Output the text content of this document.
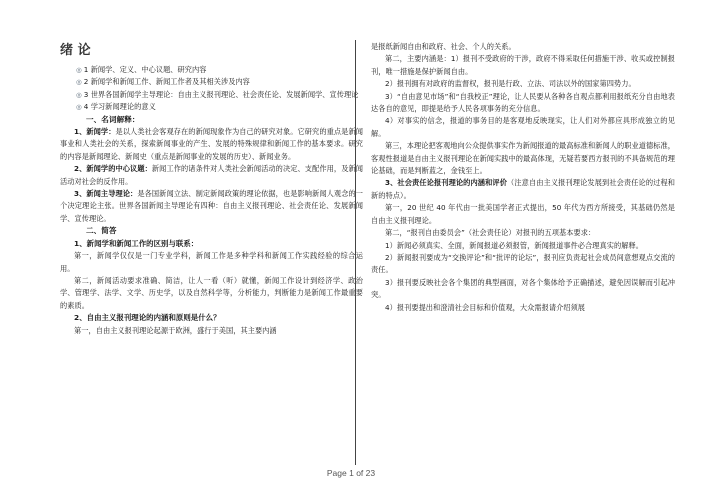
绪 论

◎ 1 新闻学、定义、中心议题、研究内容

◎ 2 新闻学和新闻工作、新闻工作者及其相关涉及内容

◎ 3 世界各国新闻学主导理论：自由主义报刊理论、社会责任论、发展新闻学、宣传理论

◎ 4 学习新闻理论的意义

一、名词解释：

1、新闻学：是以人类社会客观存在的新闻现象作为自己的研究对象。它研究的重点是新闻事业和人类社会的关系，探索新闻事业的产生、发展的特殊规律和新闻工作的基本要求。研究的内容是新闻理论、新闻史（重点是新闻事业的发展的历史）、新闻业务。

2、新闻学的中心议题：新闻工作的诸条件对人类社会新闻活动的决定、支配作用，及新闻活动对社会的反作用。

3、新闻主导理论：是各国新闻立法、制定新闻政策的理论依据，也是影响新闻人观念的一个决定理论主张。世界各国新闻主导理论有四种：自由主义报刊理论、社会责任论、发展新闻学、宣传理论。

二、简答

1、新闻学和新闻工作的区别与联系：

第一，新闻学仅仅是一门专业学科，新闻工作是多种学科和新闻工作实践经验的综合运用。

第二，新闻活动要求准确、简洁，让人一看（听）就懂，新闻工作设计到经济学、政治学、管理学、法学、文学、历史学，以及自然科学等，分析能力，判断能力是新闻工作最重要的素质。

2、自由主义报刊理论的内涵和原则是什么？

第一，自由主义报刊理论起源于欧洲，盛行于美国，其主要内涵

是报纸新闻自由和政府、社会、个人的关系。

第二，主要内涵是：1）报刊不受政府的干涉，政府不得采取任何措施干涉、收买或控制报刊，唯一措施是保护新闻自由。

2）报刊拥有对政府的监督权，报刊是行政、立法、司法以外的国家第四势力。

3）“自由意见市场”和“自我校正”理论，让人民要从各种各自观点都利用报纸充分自由地表达各自的意见，即提是给予人民各项事务的充分信息。

4）对事实的信念，报道的事务目的是客观地反映现实，让人们对外都应具形成独立的见解。

第三，本理论把客观地向公众提供事实作为新闻报道的最高标准和新闻人的职业道德标准，客观性报道是自由主义报刊理论在新闻实践中的最高体现，无疑若要西方报刊的不具备规范的理论基础，而是判断蓝之，金钱至上。

3、社会责任论报刊理论的内涵和评价（注意自由主义报刊理论发展到社会责任论的过程和新的特点）。

第一，20 世纪 40 年代由一批美国学者正式提出，50 年代为西方所接受，其基础仍然是自由主义报刊理论。

第二，“报刊自由委员会”（社会责任论）对报刊的五项基本要求：

1）新闻必须真实、全面，新闻报道必须报管，新闻报道事件必合理真实的解释。

2）新闻报刊要成为“交换评论”和“批评的论坛”，报刊应负责起社会成员间意想观点交流的责任。

3）报刊要反映社会各个集团的典型画面，对各个集体给予正确描述，避免因误解而引起冲突。

4）报刊要提出和澄清社会目标和价值观，大众需报请介绍须展

Page 1 of 23
